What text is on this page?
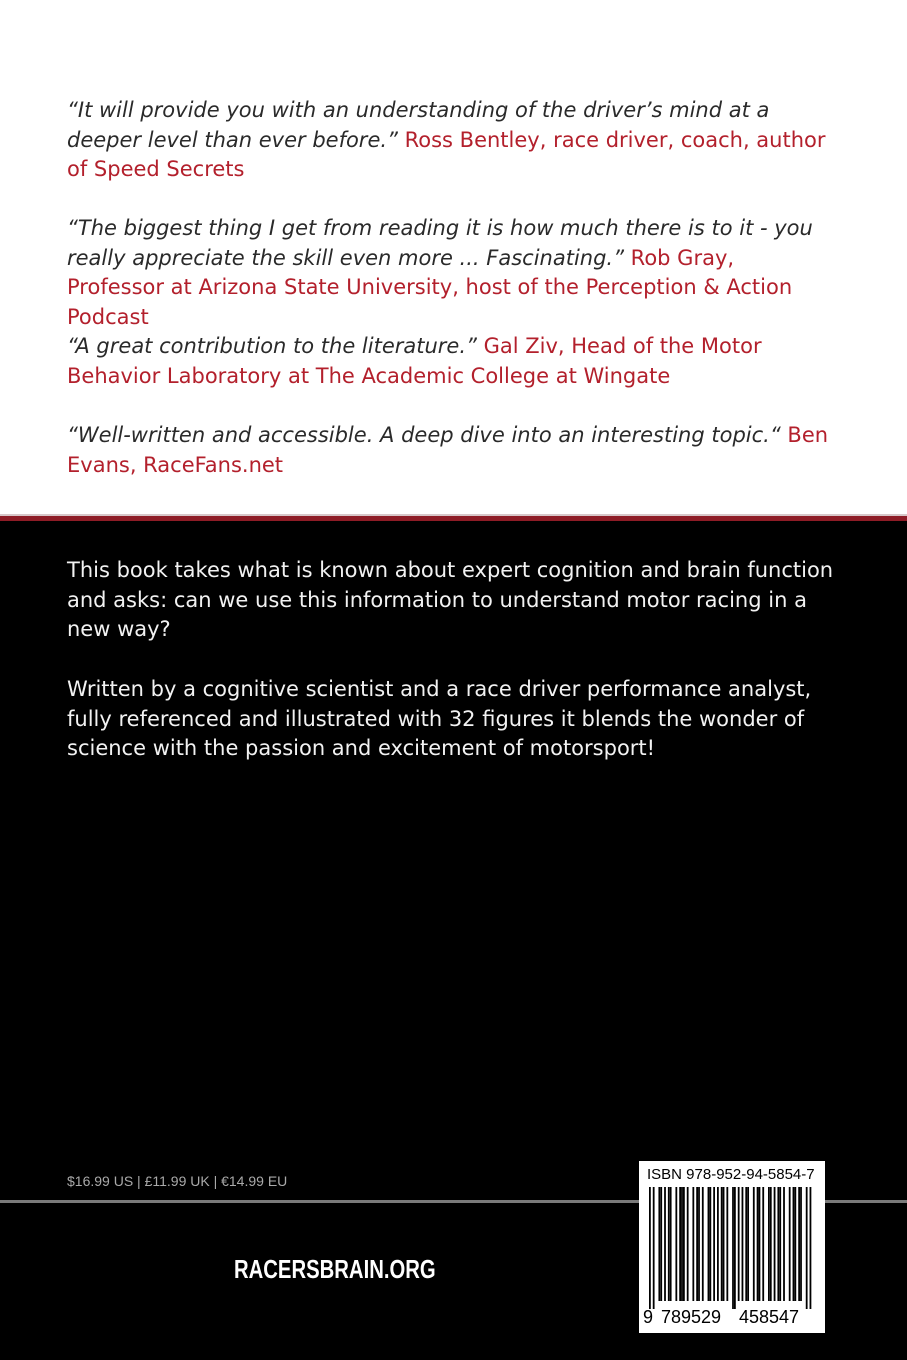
“It will provide you with an understanding of the driver’s mind at a deeper level than ever before.” Ross Bentley, race driver, coach, author of Speed Secrets

“The biggest thing I get from reading it is how much there is to it - you really appreciate the skill even more ... Fascinating.” Rob Gray, Professor at Arizona State University, host of the Perception & Action Podcast

“A great contribution to the literature.” Gal Ziv, Head of the Motor Behavior Laboratory at The Academic College at Wingate

“Well-written and accessible. A deep dive into an interesting topic.“ Ben Evans, RaceFans.net

This book takes what is known about expert cognition and brain function and asks: can we use this information to understand motor racing in a new way?

Written by a cognitive scientist and a race driver performance analyst, fully referenced and illustrated with 32 figures it blends the wonder of science with the passion and excitement of motorsport!

$16.99 US | £11.99 UK | €14.99 EU

RACERSBRAIN.ORG

ISBN 978-952-94-5854-7
9 789529 458547
